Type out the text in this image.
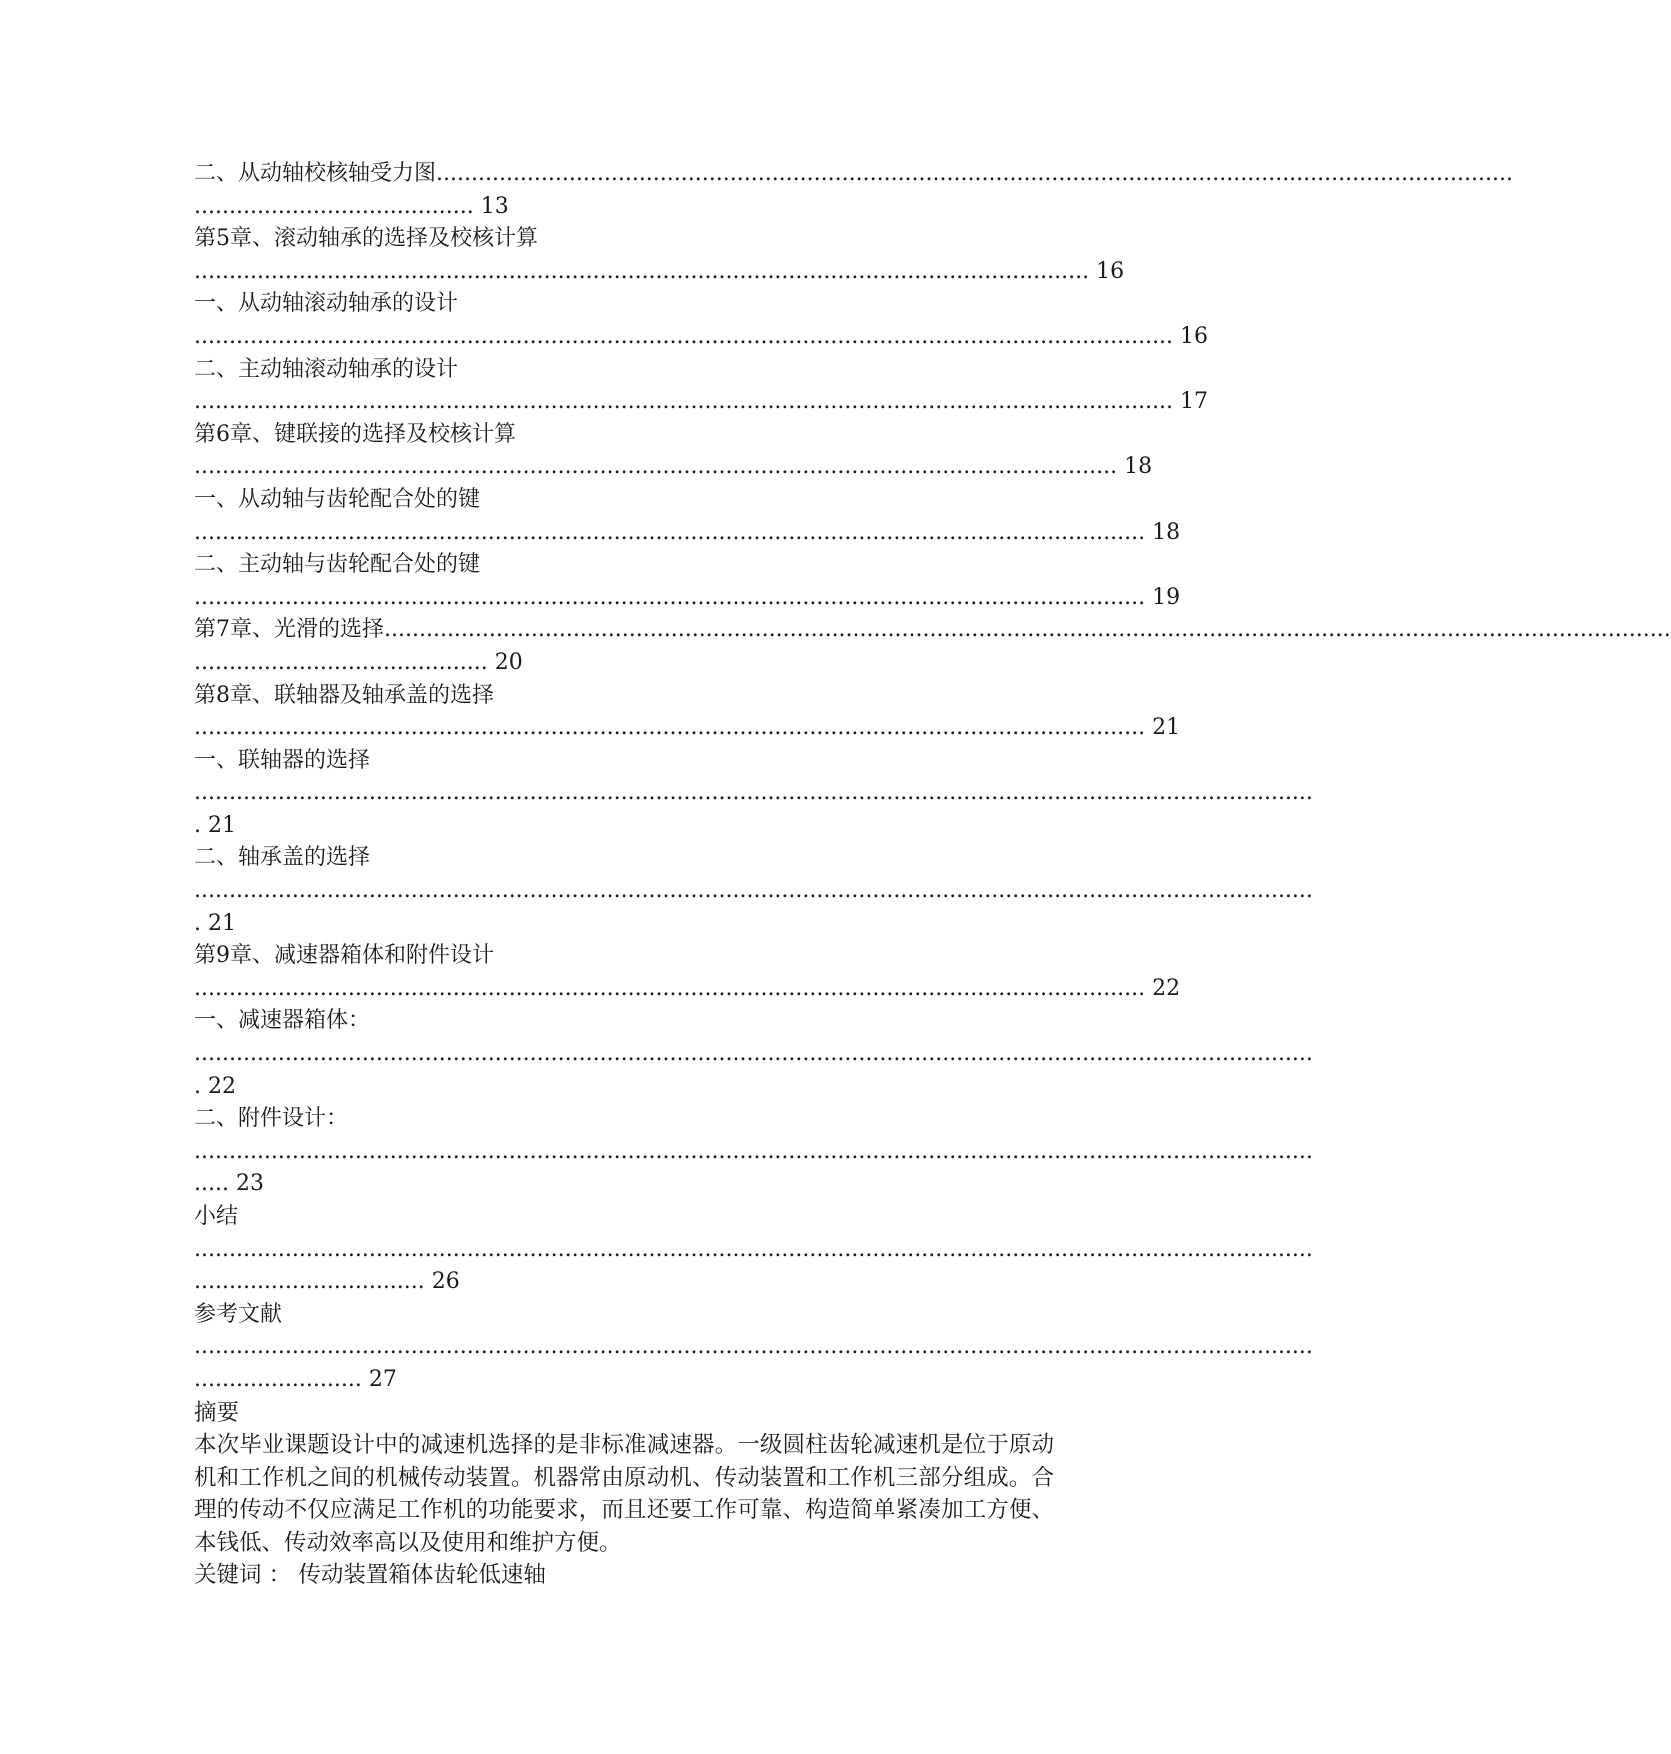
二、从动轴校核轴受力图..........................................................................................................................................................
........................................ 13
第5章、滚动轴承的选择及校核计算
................................................................................................................................ 16
一、从动轴滚动轴承的设计
............................................................................................................................................ 16
二、主动轴滚动轴承的设计
............................................................................................................................................ 17
第6章、键联接的选择及校核计算
.................................................................................................................................... 18
一、从动轴与齿轮配合处的键
........................................................................................................................................ 18
二、主动轴与齿轮配合处的键
........................................................................................................................................ 19
第7章、光滑的选择........................................................................................................................................................................................
.......................................... 20
第8章、联轴器及轴承盖的选择
........................................................................................................................................ 21
一、联轴器的选择
................................................................................................................................................................
. 21
二、轴承盖的选择
................................................................................................................................................................
. 21
第9章、减速器箱体和附件设计
........................................................................................................................................ 22
一、减速器箱体：
................................................................................................................................................................
. 22
二、附件设计：
................................................................................................................................................................
..... 23
小结
................................................................................................................................................................
................................. 26
参考文献
................................................................................................................................................................
........................ 27
摘要
本次毕业课题设计中的减速机选择的是非标准减速器。一级圆柱齿轮减速机是位于原动机和工作机之间的机械传动装置。机器常由原动机、传动装置和工作机三部分组成。合理的传动不仅应满足工作机的功能要求，而且还要工作可靠、构造简单紧凑加工方便、本钱低、传动效率高以及使用和维护方便。
关键词 ： 传动装置箱体齿轮低速轴
